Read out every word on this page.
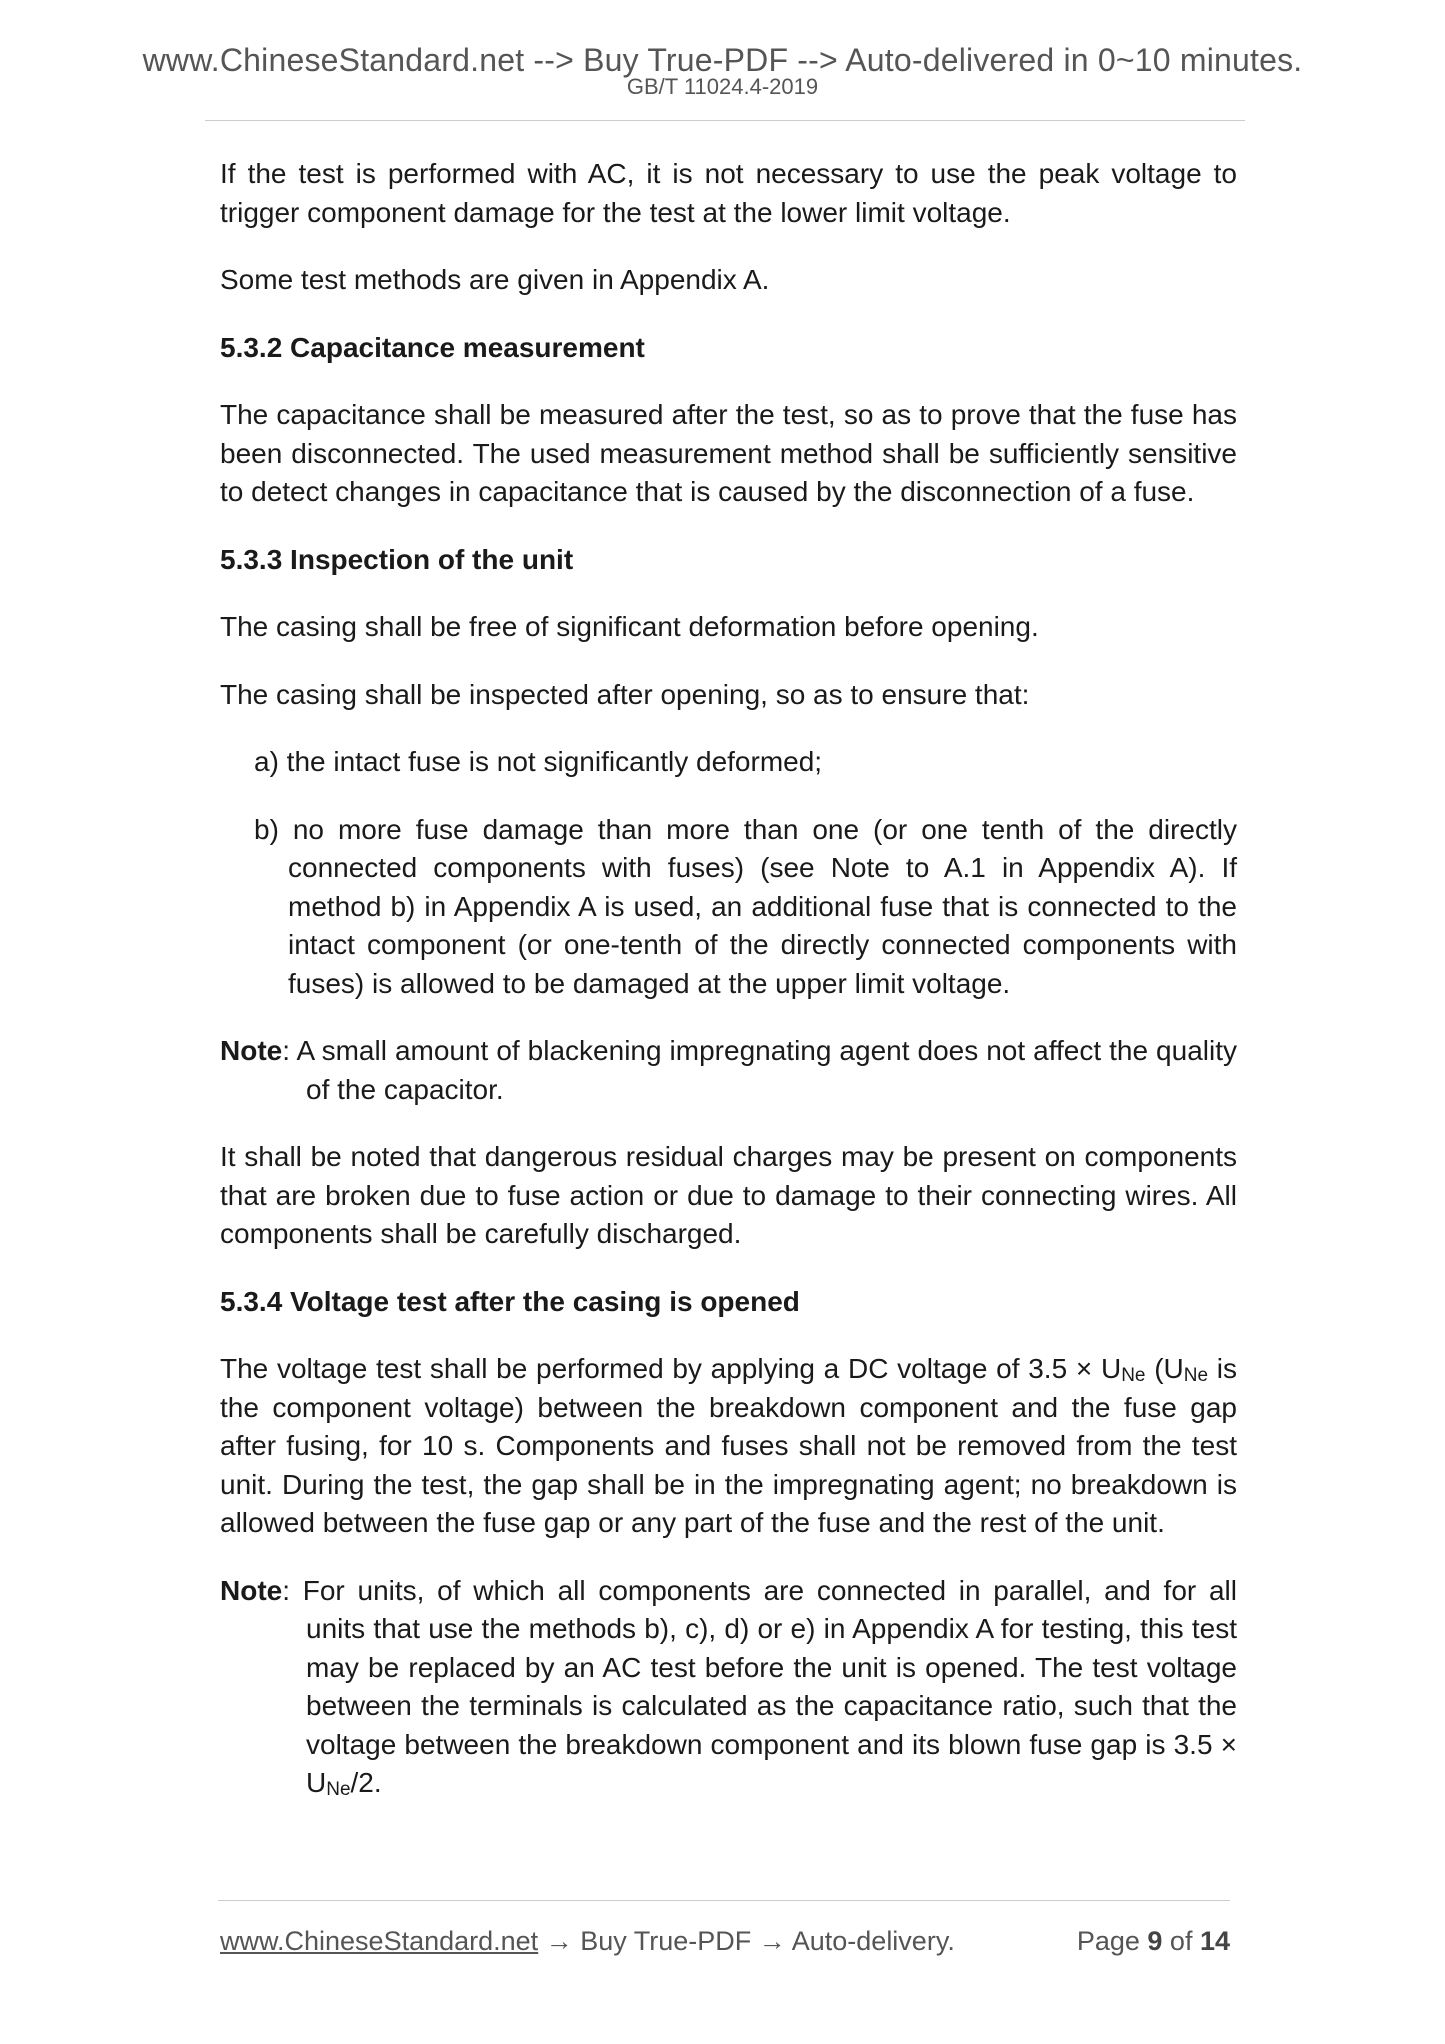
www.ChineseStandard.net --> Buy True-PDF --> Auto-delivered in 0~10 minutes.
GB/T 11024.4-2019

If the test is performed with AC, it is not necessary to use the peak voltage to trigger component damage for the test at the lower limit voltage.

Some test methods are given in Appendix A.

5.3.2 Capacitance measurement

The capacitance shall be measured after the test, so as to prove that the fuse has been disconnected. The used measurement method shall be sufficiently sensitive to detect changes in capacitance that is caused by the disconnection of a fuse.

5.3.3 Inspection of the unit

The casing shall be free of significant deformation before opening.

The casing shall be inspected after opening, so as to ensure that:

a) the intact fuse is not significantly deformed;
b) no more fuse damage than more than one (or one tenth of the directly connected components with fuses) (see Note to A.1 in Appendix A). If method b) in Appendix A is used, an additional fuse that is connected to the intact component (or one-tenth of the directly connected components with fuses) is allowed to be damaged at the upper limit voltage.
Note: A small amount of blackening impregnating agent does not affect the quality of the capacitor.

It shall be noted that dangerous residual charges may be present on components that are broken due to fuse action or due to damage to their connecting wires. All components shall be carefully discharged.

5.3.4 Voltage test after the casing is opened

The voltage test shall be performed by applying a DC voltage of $3.5 \times U_{Ne}$ ($U_{Ne}$ is the component voltage) between the breakdown component and the fuse gap after fusing, for 10 s. Components and fuses shall not be removed from the test unit. During the test, the gap shall be in the impregnating agent; no breakdown is allowed between the fuse gap or any part of the fuse and the rest of the unit.

Note: For units, of which all components are connected in parallel, and for all units that use the methods b), c), d) or e) in Appendix A for testing, this test may be replaced by an AC test before the unit is opened. The test voltage between the terminals is calculated as the capacitance ratio, such that the voltage between the breakdown component and its blown fuse gap is $3.5 \times U_{Ne}/2$.
www.ChineseStandard.net → Buy True-PDF → Auto-delivery.	Page 9 of 14
